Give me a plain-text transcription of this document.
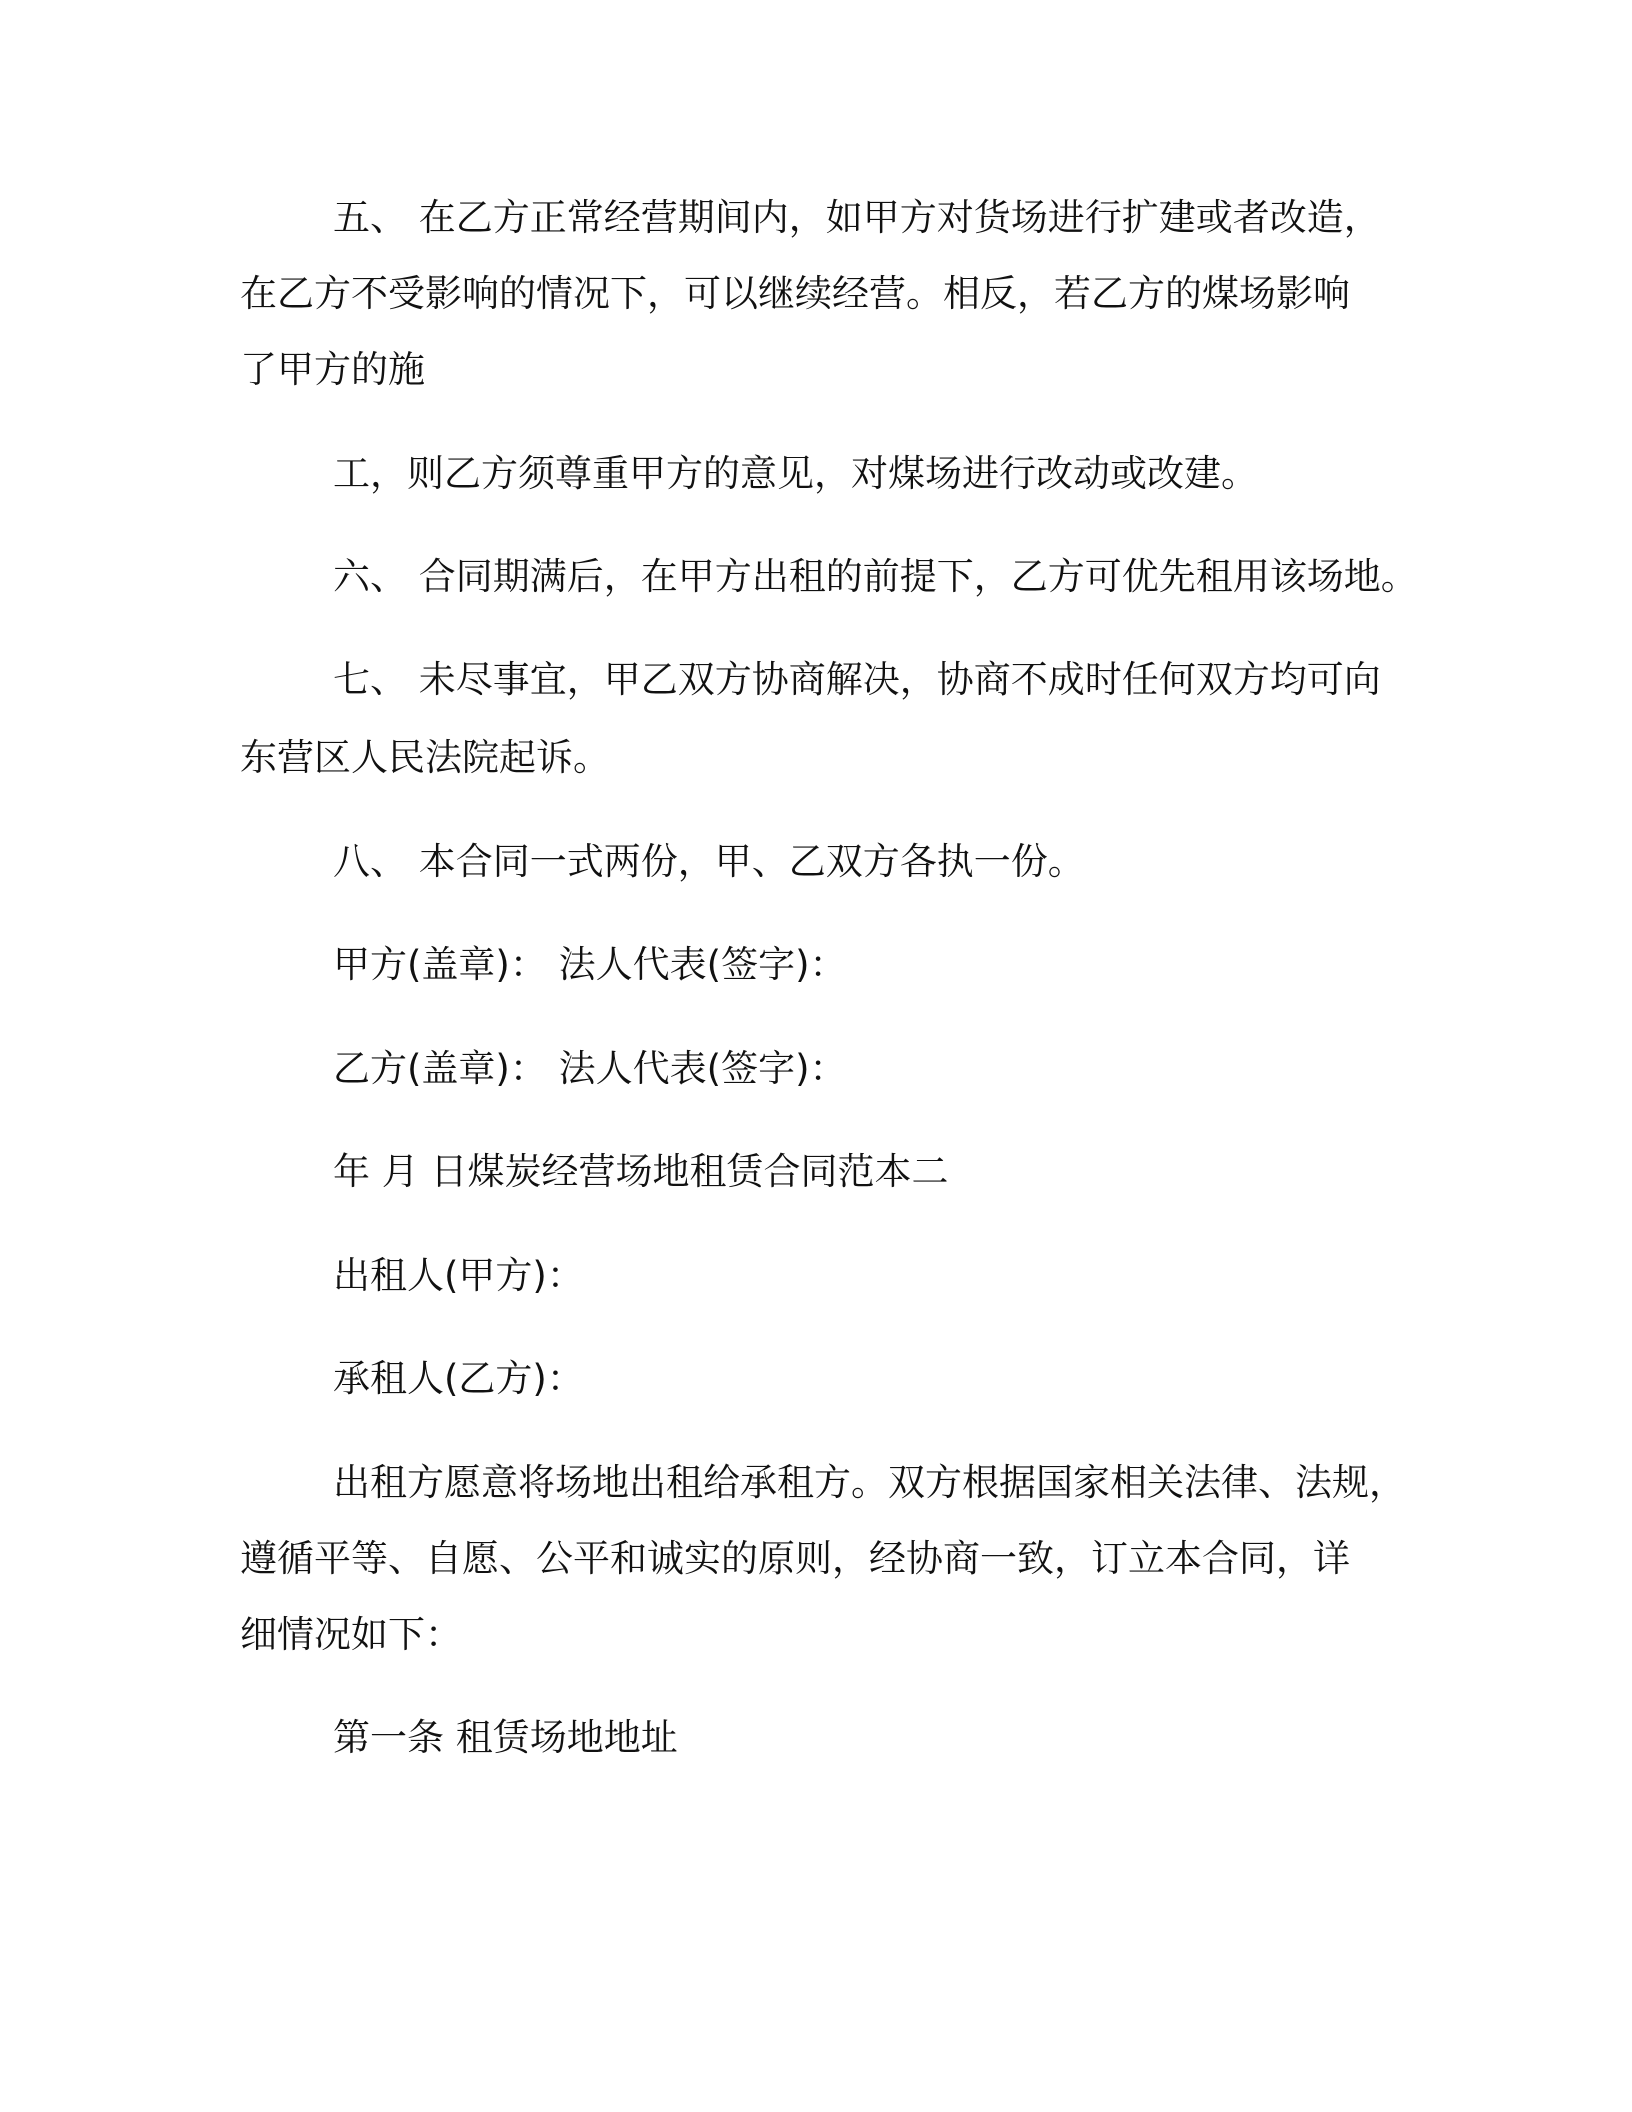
五、 在乙方正常经营期间内，如甲方对货场进行扩建或者改造，
在乙方不受影响的情况下，可以继续经营。相反，若乙方的煤场影响
了甲方的施
工，则乙方须尊重甲方的意见，对煤场进行改动或改建。
六、 合同期满后，在甲方出租的前提下，乙方可优先租用该场地。
七、 未尽事宜，甲乙双方协商解决，协商不成时任何双方均可向
东营区人民法院起诉。
八、 本合同一式两份，甲、乙双方各执一份。
甲方(盖章)： 法人代表(签字)：
乙方(盖章)： 法人代表(签字)：
年 月 日煤炭经营场地租赁合同范本二
出租人(甲方)：
承租人(乙方)：
出租方愿意将场地出租给承租方。双方根据国家相关法律、法规，
遵循平等、自愿、公平和诚实的原则，经协商一致，订立本合同，详
细情况如下：
第一条 租赁场地地址
